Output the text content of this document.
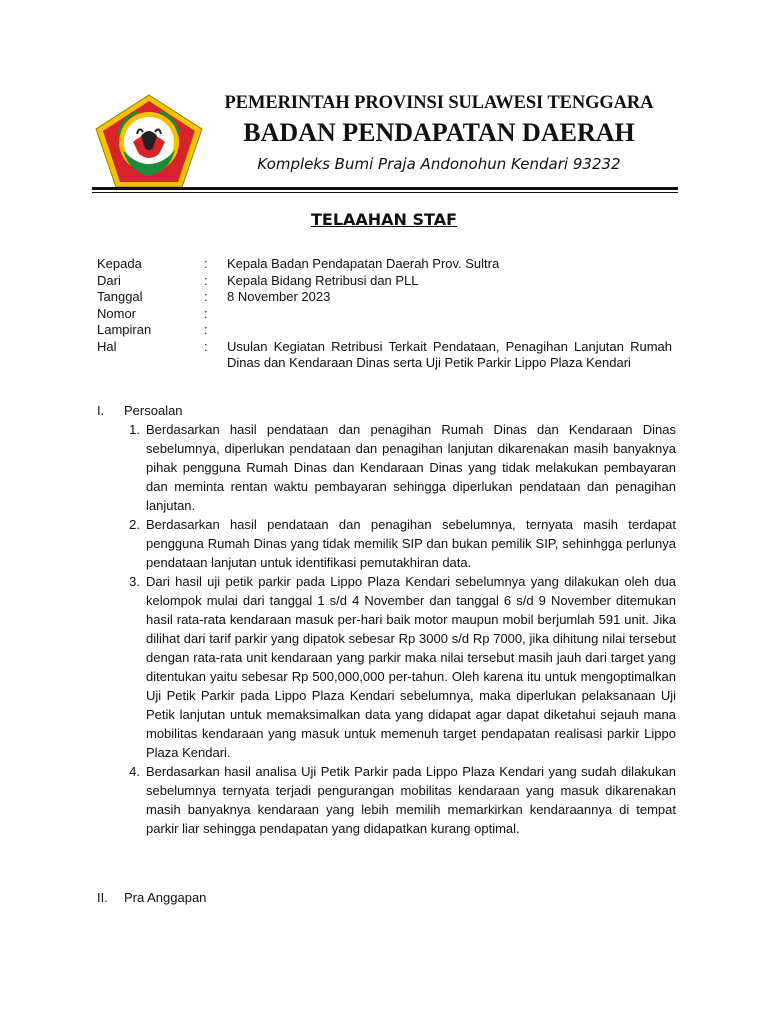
PEMERINTAH PROVINSI SULAWESI TENGGARA
BADAN PENDAPATAN DAERAH
Kompleks Bumi Praja Andonohun Kendari 93232
TELAAHAN STAF
Kepada	:	Kepala Badan Pendapatan Daerah Prov. Sultra
Dari	:	Kepala Bidang Retribusi dan PLL
Tanggal	:	8 November 2023
Nomor	:
Lampiran	:
Hal	:	Usulan Kegiatan Retribusi Terkait Pendataan, Penagihan Lanjutan Rumah Dinas dan Kendaraan Dinas serta Uji Petik Parkir Lippo Plaza Kendari
I.	Persoalan
1. Berdasarkan hasil pendataan dan penagihan Rumah Dinas dan Kendaraan Dinas sebelumnya, diperlukan pendataan dan penagihan lanjutan dikarenakan masih banyaknya pihak pengguna Rumah Dinas dan Kendaraan Dinas yang tidak melakukan pembayaran dan meminta rentan waktu pembayaran sehingga diperlukan pendataan dan penagihan lanjutan.
2. Berdasarkan hasil pendataan dan penagihan sebelumnya, ternyata masih terdapat pengguna Rumah Dinas yang tidak memilik SIP dan bukan pemilik SIP, sehinhgga perlunya pendataan lanjutan untuk identifikasi pemutakhiran data.
3. Dari hasil uji petik parkir pada Lippo Plaza Kendari sebelumnya yang dilakukan oleh dua kelompok mulai dari tanggal 1 s/d 4 November dan tanggal 6 s/d 9 November ditemukan hasil rata-rata kendaraan masuk per-hari baik motor maupun mobil berjumlah 591 unit. Jika dilihat dari tarif parkir yang dipatok sebesar Rp 3000 s/d Rp 7000, jika dihitung nilai tersebut dengan rata-rata unit kendaraan yang parkir maka nilai tersebut masih jauh dari target yang ditentukan yaitu sebesar Rp 500,000,000 per-tahun. Oleh karena itu untuk mengoptimalkan Uji Petik Parkir pada Lippo Plaza Kendari sebelumnya, maka diperlukan pelaksanaan Uji Petik lanjutan untuk memaksimalkan data yang didapat agar dapat diketahui sejauh mana mobilitas kendaraan yang masuk untuk memenuh target pendapatan realisasi parkir Lippo Plaza Kendari.
4. Berdasarkan hasil analisa Uji Petik Parkir pada Lippo Plaza Kendari yang sudah dilakukan sebelumnya ternyata terjadi pengurangan mobilitas kendaraan yang masuk dikarenakan masih banyaknya kendaraan yang lebih memilih memarkirkan kendaraannya di tempat parkir liar sehingga pendapatan yang didapatkan kurang optimal.
II.	Pra Anggapan
